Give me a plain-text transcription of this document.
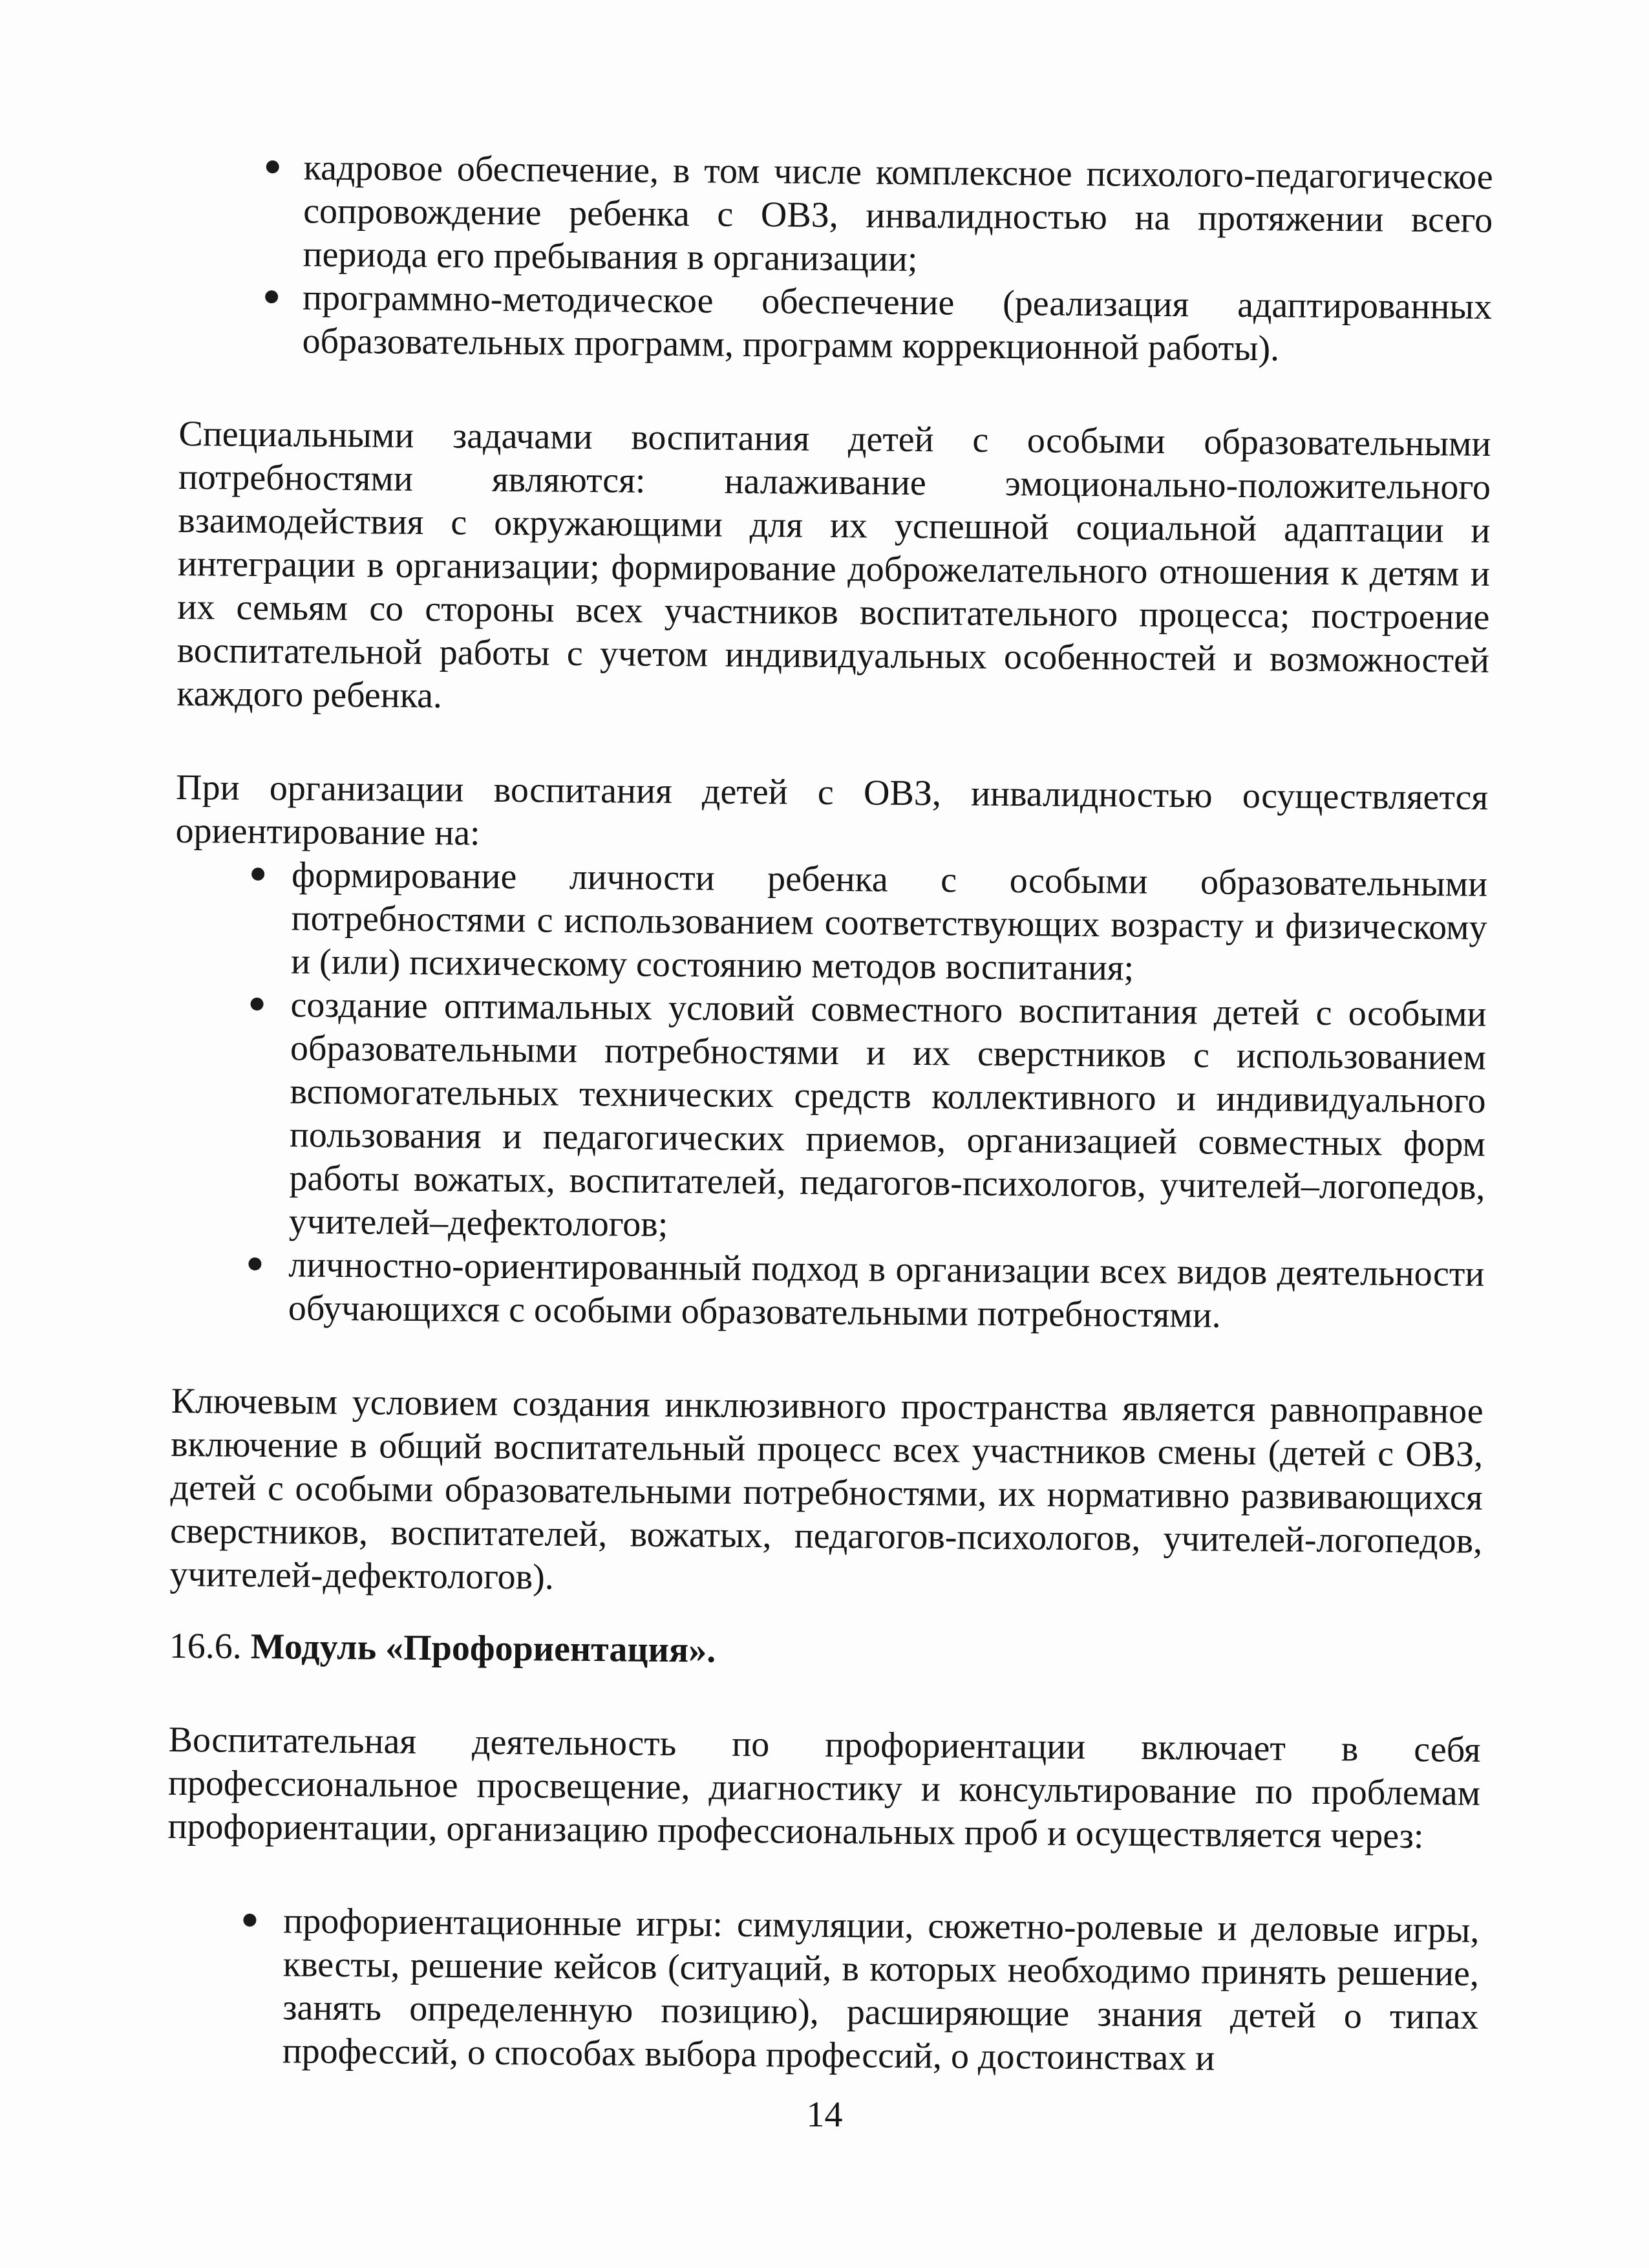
кадровое обеспечение, в том числе комплексное психолого-педагогическое сопровождение ребенка с ОВЗ, инвалидностью на протяжении всего периода его пребывания в организации;
программно-методическое обеспечение (реализация адаптированных образовательных программ, программ коррекционной работы).

Специальными задачами воспитания детей с особыми образовательными потребностями являются: налаживание эмоционально-положительного взаимодействия с окружающими для их успешной социальной адаптации и интеграции в организации; формирование доброжелательного отношения к детям и их семьям со стороны всех участников воспитательного процесса; построение воспитательной работы с учетом индивидуальных особенностей и возможностей каждого ребенка.

При организации воспитания детей с ОВЗ, инвалидностью осуществляется ориентирование на:

формирование личности ребенка с особыми образовательными потребностями с использованием соответствующих возрасту и физическому и (или) психическому состоянию методов воспитания;
создание оптимальных условий совместного воспитания детей с особыми образовательными потребностями и их сверстников с использованием вспомогательных технических средств коллективного и индивидуального пользования и педагогических приемов, организацией совместных форм работы вожатых, воспитателей, педагогов-психологов, учителей–логопедов, учителей–дефектологов;
личностно-ориентированный подход в организации всех видов деятельности обучающихся с особыми образовательными потребностями.

Ключевым условием создания инклюзивного пространства является равноправное включение в общий воспитательный процесс всех участников смены (детей с ОВЗ, детей с особыми образовательными потребностями, их нормативно развивающихся сверстников, воспитателей, вожатых, педагогов-психологов, учителей-логопедов, учителей-дефектологов).

16.6. Модуль «Профориентация».

Воспитательная деятельность по профориентации включает в себя профессиональное просвещение, диагностику и консультирование по проблемам профориентации, организацию профессиональных проб и осуществляется через:

профориентационные игры: симуляции, сюжетно-ролевые и деловые игры, квесты, решение кейсов (ситуаций, в которых необходимо принять решение, занять определенную позицию), расширяющие знания детей о типах профессий, о способах выбора профессий, о достоинствах и
14
